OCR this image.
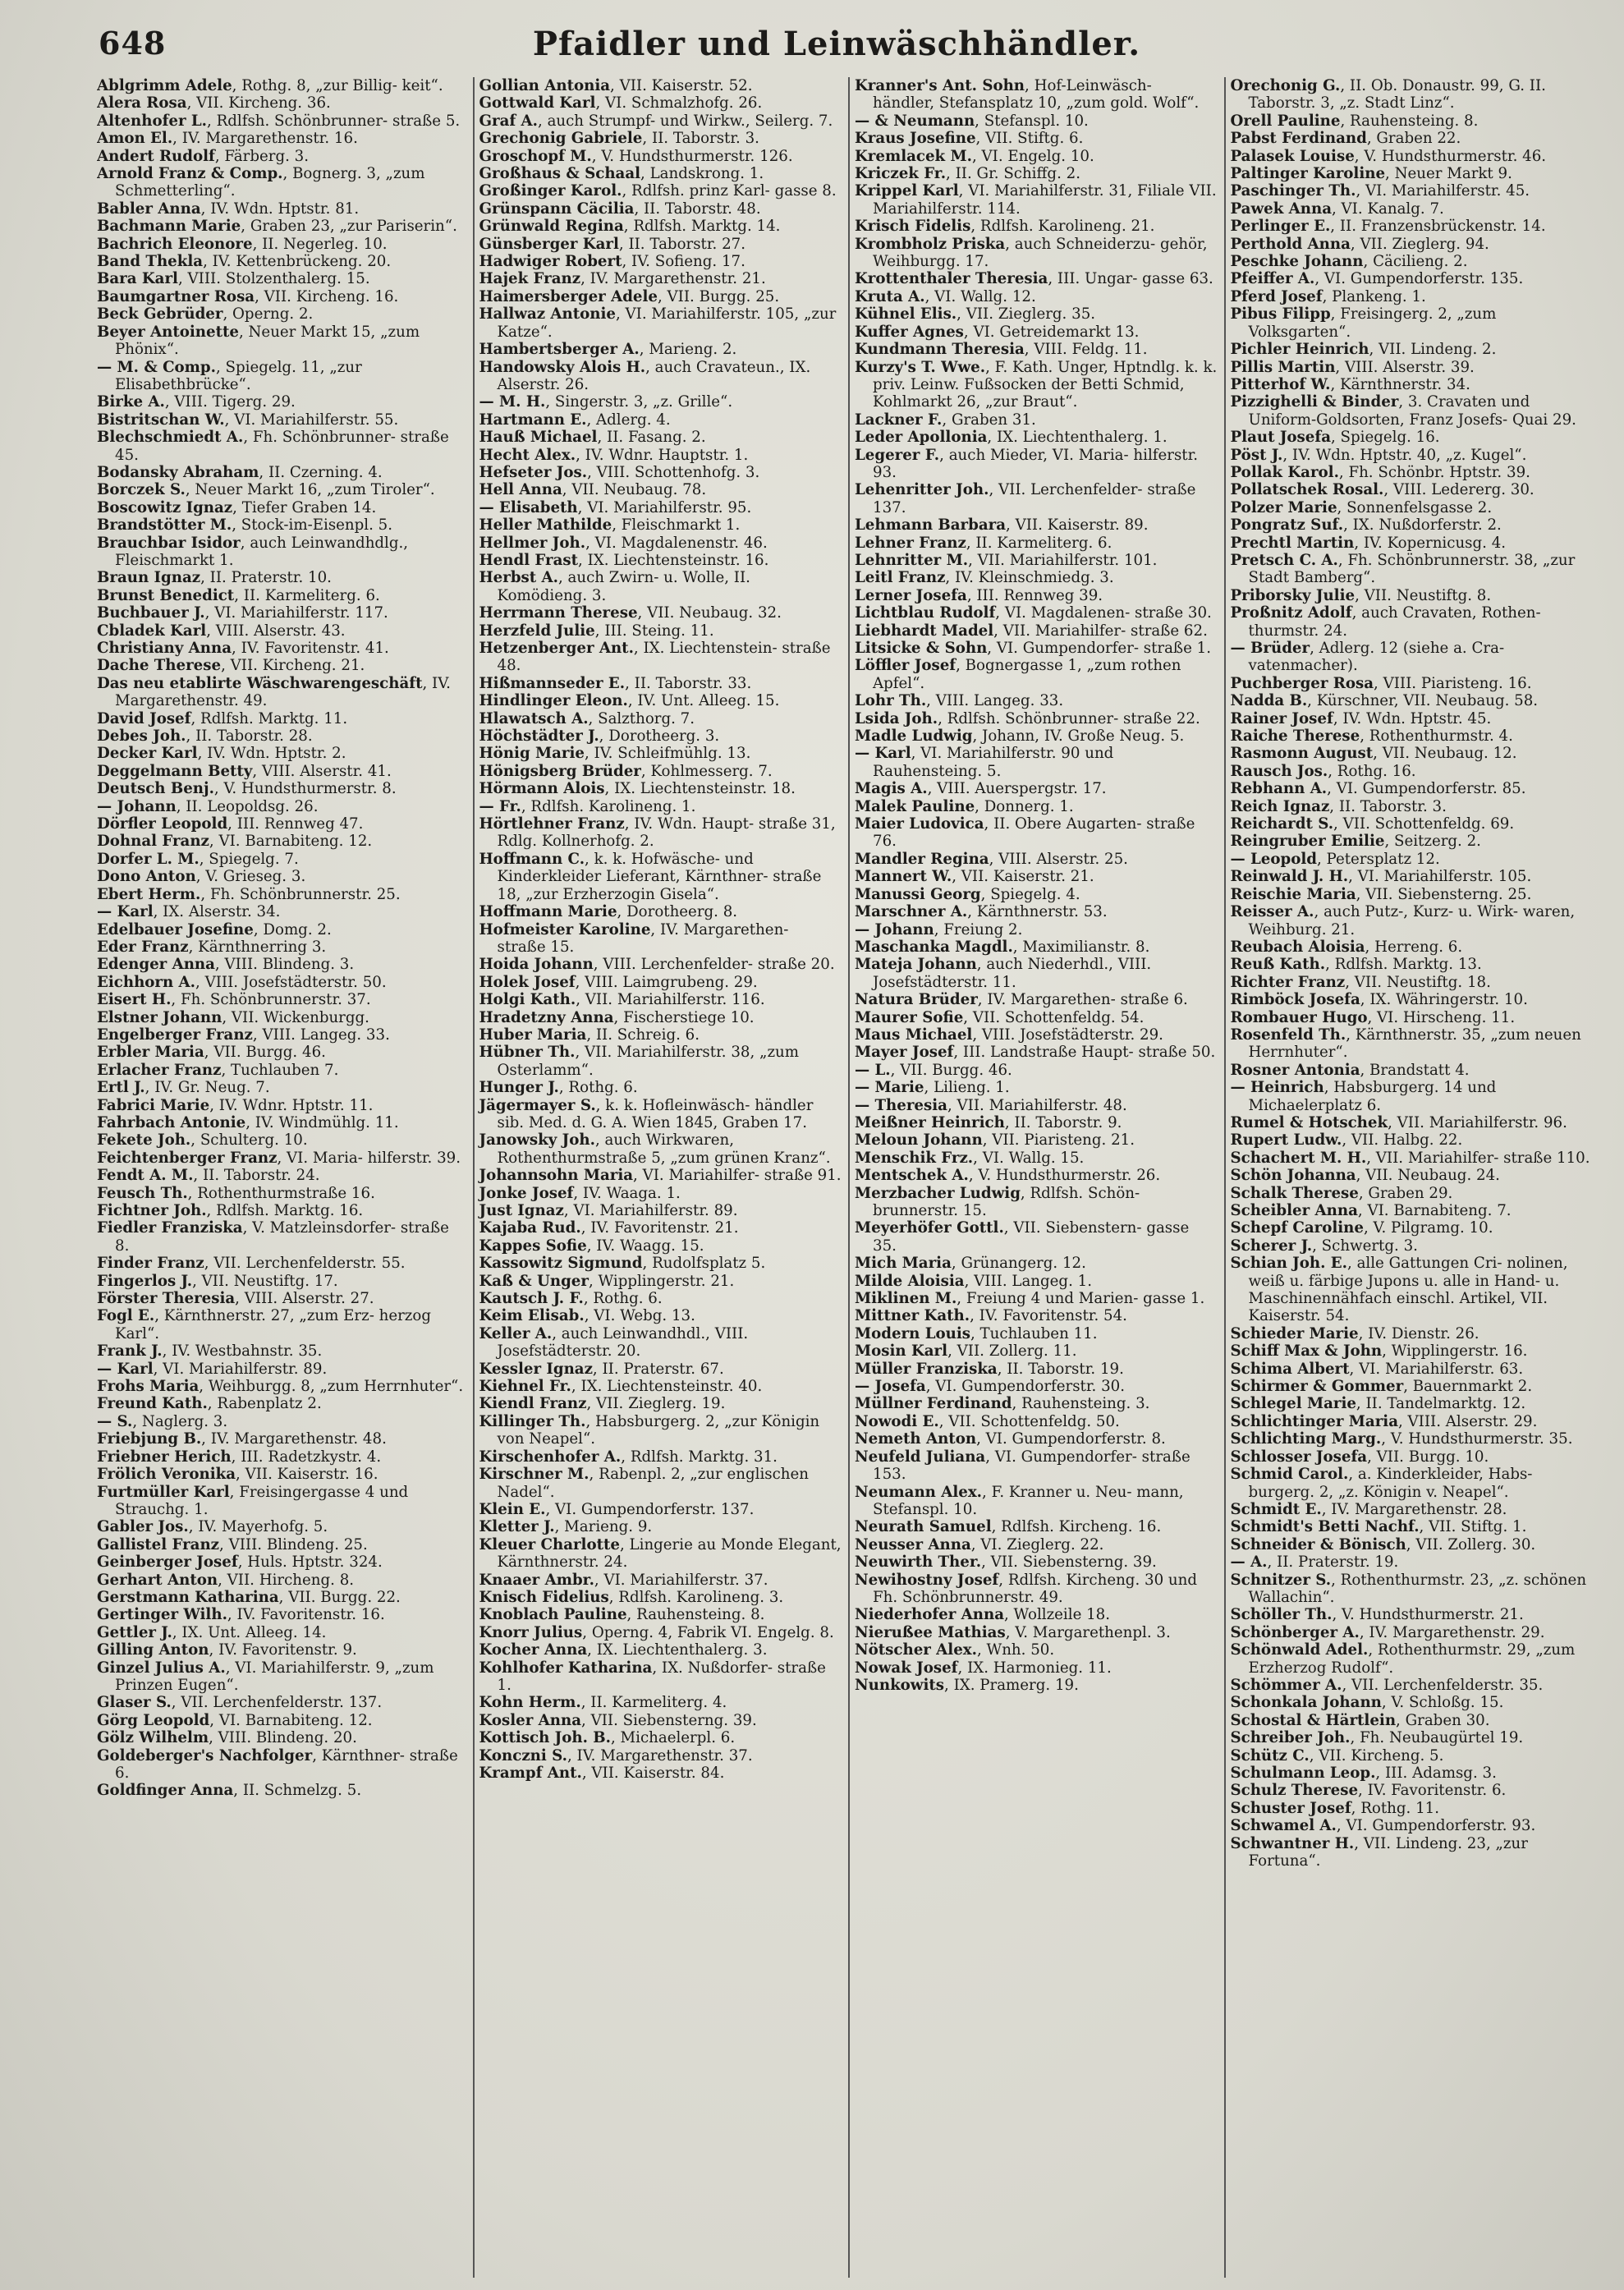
648	Pfaidler und Leinwäschhändler.

Ablgrimm Adele, Rothg. 8, „zur Billig- keit“.

Alera Rosa, VII. Kircheng. 36.

Altenhofer L., Rdlfsh. Schönbrunner- straße 5.

Amon El., IV. Margarethenstr. 16.

Andert Rudolf, Färberg. 3.

Arnold Franz & Comp., Bognerg. 3, „zum Schmetterling“.

Babler Anna, IV. Wdn. Hptstr. 81.

Bachmann Marie, Graben 23, „zur Pariserin“.

Bachrich Eleonore, II. Negerleg. 10.

Band Thekla, IV. Kettenbrückeng. 20.

Bara Karl, VIII. Stolzenthalerg. 15.

Baumgartner Rosa, VII. Kircheng. 16.

Beck Gebrüder, Operng. 2.

Beyer Antoinette, Neuer Markt 15, „zum Phönix“.

— M. & Comp., Spiegelg. 11, „zur Elisabethbrücke“.

Birke A., VIII. Tigerg. 29.

Bistritschan W., VI. Mariahilferstr. 55.

Blechschmiedt A., Fh. Schönbrunner- straße 45.

Bodansky Abraham, II. Czerning. 4.

Borczek S., Neuer Markt 16, „zum Tiroler“.

Boscowitz Ignaz, Tiefer Graben 14.

Brandstötter M., Stock-im-Eisenpl. 5.

Brauchbar Isidor, auch Leinwandhdlg., Fleischmarkt 1.

Braun Ignaz, II. Praterstr. 10.

Brunst Benedict, II. Karmeliterg. 6.

Buchbauer J., VI. Mariahilferstr. 117.

Cbladek Karl, VIII. Alserstr. 43.

Christiany Anna, IV. Favoritenstr. 41.

Dache Therese, VII. Kircheng. 21.

Das neu etablirte Wäschwarengeschäft, IV. Margarethenstr. 49.

David Josef, Rdlfsh. Marktg. 11.

Debes Joh., II. Taborstr. 28.

Decker Karl, IV. Wdn. Hptstr. 2.

Deggelmann Betty, VIII. Alserstr. 41.

Deutsch Benj., V. Hundsthurmerstr. 8.

— Johann, II. Leopoldsg. 26.

Dörfler Leopold, III. Rennweg 47.

Dohnal Franz, VI. Barnabiteng. 12.

Dorfer L. M., Spiegelg. 7.

Dono Anton, V. Grieseg. 3.

Ebert Herm., Fh. Schönbrunnerstr. 25.

— Karl, IX. Alserstr. 34.

Edelbauer Josefine, Domg. 2.

Eder Franz, Kärnthnerring 3.

Edenger Anna, VIII. Blindeng. 3.

Eichhorn A., VIII. Josefstädterstr. 50.

Eisert H., Fh. Schönbrunnerstr. 37.

Elstner Johann, VII. Wickenburgg.

Engelberger Franz, VIII. Langeg. 33.

Erbler Maria, VII. Burgg. 46.

Erlacher Franz, Tuchlauben 7.

Ertl J., IV. Gr. Neug. 7.

Fabrici Marie, IV. Wdnr. Hptstr. 11.

Fahrbach Antonie, IV. Windmühlg. 11.

Fekete Joh., Schulterg. 10.

Feichtenberger Franz, VI. Maria- hilferstr. 39.

Fendt A. M., II. Taborstr. 24.

Feusch Th., Rothenthurmstraße 16.

Fichtner Joh., Rdlfsh. Marktg. 16.

Fiedler Franziska, V. Matzleinsdorfer- straße 8.

Finder Franz, VII. Lerchenfelderstr. 55.

Fingerlos J., VII. Neustiftg. 17.

Förster Theresia, VIII. Alserstr. 27.

Fogl E., Kärnthnerstr. 27, „zum Erz- herzog Karl“.

Frank J., IV. Westbahnstr. 35.

— Karl, VI. Mariahilferstr. 89.

Frohs Maria, Weihburgg. 8, „zum Herrnhuter“.

Freund Kath., Rabenplatz 2.

— S., Naglerg. 3.

Friebjung B., IV. Margarethenstr. 48.

Friebner Herich, III. Radetzkystr. 4.

Frölich Veronika, VII. Kaiserstr. 16.

Furtmüller Karl, Freisingergasse 4 und Strauchg. 1.

Gabler Jos., IV. Mayerhofg. 5.

Gallistel Franz, VIII. Blindeng. 25.

Geinberger Josef, Huls. Hptstr. 324.

Gerhart Anton, VII. Hircheng. 8.

Gerstmann Katharina, VII. Burgg. 22.

Gertinger Wilh., IV. Favoritenstr. 16.

Gettler J., IX. Unt. Alleeg. 14.

Gilling Anton, IV. Favoritenstr. 9.

Ginzel Julius A., VI. Mariahilferstr. 9, „zum Prinzen Eugen“.

Glaser S., VII. Lerchenfelderstr. 137.

Görg Leopold, VI. Barnabiteng. 12.

Gölz Wilhelm, VIII. Blindeng. 20.

Goldeberger's Nachfolger, Kärnthner- straße 6.

Goldfinger Anna, II. Schmelzg. 5.

Gollian Antonia, VII. Kaiserstr. 52.

Gottwald Karl, VI. Schmalzhofg. 26.

Graf A., auch Strumpf- und Wirkw., Seilerg. 7.

Grechonig Gabriele, II. Taborstr. 3.

Groschopf M., V. Hundsthurmerstr. 126.

Großhaus & Schaal, Landskrong. 1.

Großinger Karol., Rdlfsh. prinz Karl- gasse 8.

Grünspann Cäcilia, II. Taborstr. 48.

Grünwald Regina, Rdlfsh. Marktg. 14.

Günsberger Karl, II. Taborstr. 27.

Hadwiger Robert, IV. Sofieng. 17.

Hajek Franz, IV. Margarethenstr. 21.

Haimersberger Adele, VII. Burgg. 25.

Hallwaz Antonie, VI. Mariahilferstr. 105, „zur Katze“.

Hambertsberger A., Marieng. 2.

Handowsky Alois H., auch Cravateun., IX. Alserstr. 26.

— M. H., Singerstr. 3, „z. Grille“.

Hartmann E., Adlerg. 4.

Hauß Michael, II. Fasang. 2.

Hecht Alex., IV. Wdnr. Hauptstr. 1.

Hefseter Jos., VIII. Schottenhofg. 3.

Hell Anna, VII. Neubaug. 78.

— Elisabeth, VI. Mariahilferstr. 95.

Heller Mathilde, Fleischmarkt 1.

Hellmer Joh., VI. Magdalenenstr. 46.

Hendl Frast, IX. Liechtensteinstr. 16.

Herbst A., auch Zwirn- u. Wolle, II. Komödieng. 3.

Herrmann Therese, VII. Neubaug. 32.

Herzfeld Julie, III. Steing. 11.

Hetzenberger Ant., IX. Liechtenstein- straße 48.

Hißmannseder E., II. Taborstr. 33.

Hindlinger Eleon., IV. Unt. Alleeg. 15.

Hlawatsch A., Salzthorg. 7.

Höchstädter J., Dorotheerg. 3.

Hönig Marie, IV. Schleifmühlg. 13.

Hönigsberg Brüder, Kohlmesserg. 7.

Hörmann Alois, IX. Liechtensteinstr. 18.

— Fr., Rdlfsh. Karolineng. 1.

Hörtlehner Franz, IV. Wdn. Haupt- straße 31, Rdlg. Kollnerhofg. 2.

Hoffmann C., k. k. Hofwäsche- und Kinderkleider Lieferant, Kärnthner- straße 18, „zur Erzherzogin Gisela“.

Hoffmann Marie, Dorotheerg. 8.

Hofmeister Karoline, IV. Margarethen- straße 15.

Hoida Johann, VIII. Lerchenfelder- straße 20.

Holek Josef, VIII. Laimgrubeng. 29.

Holgi Kath., VII. Mariahilferstr. 116.

Hradetzny Anna, Fischerstiege 10.

Huber Maria, II. Schreig. 6.

Hübner Th., VII. Mariahilferstr. 38, „zum Osterlamm“.

Hunger J., Rothg. 6.

Jägermayer S., k. k. Hofleinwäsch- händler sib. Med. d. G. A. Wien 1845, Graben 17.

Janowsky Joh., auch Wirkwaren, Rothenthurmstraße 5, „zum grünen Kranz“.

Johannsohn Maria, VI. Mariahilfer- straße 91.

Jonke Josef, IV. Waaga. 1.

Just Ignaz, VI. Mariahilferstr. 89.

Kajaba Rud., IV. Favoritenstr. 21.

Kappes Sofie, IV. Waagg. 15.

Kassowitz Sigmund, Rudolfsplatz 5.

Kaß & Unger, Wipplingerstr. 21.

Kautsch J. F., Rothg. 6.

Keim Elisab., VI. Webg. 13.

Keller A., auch Leinwandhdl., VIII. Josefstädterstr. 20.

Kessler Ignaz, II. Praterstr. 67.

Kiehnel Fr., IX. Liechtensteinstr. 40.

Kiendl Franz, VII. Zieglerg. 19.

Killinger Th., Habsburgerg. 2, „zur Königin von Neapel“.

Kirschenhofer A., Rdlfsh. Marktg. 31.

Kirschner M., Rabenpl. 2, „zur englischen Nadel“.

Klein E., VI. Gumpendorferstr. 137.

Kletter J., Marieng. 9.

Kleuer Charlotte, Lingerie au Monde Elegant, Kärnthnerstr. 24.

Knaaer Ambr., VI. Mariahilferstr. 37.

Knisch Fidelius, Rdlfsh. Karolineng. 3.

Knoblach Pauline, Rauhensteing. 8.

Knorr Julius, Operng. 4, Fabrik VI. Engelg. 8.

Kocher Anna, IX. Liechtenthalerg. 3.

Kohlhofer Katharina, IX. Nußdorfer- straße 1.

Kohn Herm., II. Karmeliterg. 4.

Kosler Anna, VII. Siebensterng. 39.

Kottisch Joh. B., Michaelerpl. 6.

Konczni S., IV. Margarethenstr. 37.

Krampf Ant., VII. Kaiserstr. 84.

Kranner's Ant. Sohn, Hof-Leinwäsch- händler, Stefansplatz 10, „zum gold. Wolf“.

— & Neumann, Stefanspl. 10.

Kraus Josefine, VII. Stiftg. 6.

Kremlacek M., VI. Engelg. 10.

Kriczek Fr., II. Gr. Schiffg. 2.

Krippel Karl, VI. Mariahilferstr. 31, Filiale VII. Mariahilferstr. 114.

Krisch Fidelis, Rdlfsh. Karolineng. 21.

Krombholz Priska, auch Schneiderzu- gehör, Weihburgg. 17.

Krottenthaler Theresia, III. Ungar- gasse 63.

Kruta A., VI. Wallg. 12.

Kühnel Elis., VII. Zieglerg. 35.

Kuffer Agnes, VI. Getreidemarkt 13.

Kundmann Theresia, VIII. Feldg. 11.

Kurzy's T. Wwe., F. Kath. Unger, Hptndlg. k. k. priv. Leinw. Fußsocken der Betti Schmid, Kohlmarkt 26, „zur Braut“.

Lackner F., Graben 31.

Leder Apollonia, IX. Liechtenthalerg. 1.

Legerer F., auch Mieder, VI. Maria- hilferstr. 93.

Lehenritter Joh., VII. Lerchenfelder- straße 137.

Lehmann Barbara, VII. Kaiserstr. 89.

Lehner Franz, II. Karmeliterg. 6.

Lehnritter M., VII. Mariahilferstr. 101.

Leitl Franz, IV. Kleinschmiedg. 3.

Lerner Josefa, III. Rennweg 39.

Lichtblau Rudolf, VI. Magdalenen- straße 30.

Liebhardt Madel, VII. Mariahilfer- straße 62.

Litsicke & Sohn, VI. Gumpendorfer- straße 1.

Löffler Josef, Bognergasse 1, „zum rothen Apfel“.

Lohr Th., VIII. Langeg. 33.

Lsida Joh., Rdlfsh. Schönbrunner- straße 22.

Madle Ludwig, Johann, IV. Große Neug. 5.

— Karl, VI. Mariahilferstr. 90 und Rauhensteing. 5.

Magis A., VIII. Auerspergstr. 17.

Malek Pauline, Donnerg. 1.

Maier Ludovica, II. Obere Augarten- straße 76.

Mandler Regina, VIII. Alserstr. 25.

Mannert W., VII. Kaiserstr. 21.

Manussi Georg, Spiegelg. 4.

Marschner A., Kärnthnerstr. 53.

— Johann, Freiung 2.

Maschanka Magdl., Maximilianstr. 8.

Mateja Johann, auch Niederhdl., VIII. Josefstädterstr. 11.

Natura Brüder, IV. Margarethen- straße 6.

Maurer Sofie, VII. Schottenfeldg. 54.

Maus Michael, VIII. Josefstädterstr. 29.

Mayer Josef, III. Landstraße Haupt- straße 50.

— L., VII. Burgg. 46.

— Marie, Lilieng. 1.

— Theresia, VII. Mariahilferstr. 48.

Meißner Heinrich, II. Taborstr. 9.

Meloun Johann, VII. Piaristeng. 21.

Menschik Frz., VI. Wallg. 15.

Mentschek A., V. Hundsthurmerstr. 26.

Merzbacher Ludwig, Rdlfsh. Schön- brunnerstr. 15.

Meyerhöfer Gottl., VII. Siebenstern- gasse 35.

Mich Maria, Grünangerg. 12.

Milde Aloisia, VIII. Langeg. 1.

Miklinen M., Freiung 4 und Marien- gasse 1.

Mittner Kath., IV. Favoritenstr. 54.

Modern Louis, Tuchlauben 11.

Mosin Karl, VII. Zollerg. 11.

Müller Franziska, II. Taborstr. 19.

— Josefa, VI. Gumpendorferstr. 30.

Müllner Ferdinand, Rauhensteing. 3.

Nowodi E., VII. Schottenfeldg. 50.

Nemeth Anton, VI. Gumpendorferstr. 8.

Neufeld Juliana, VI. Gumpendorfer- straße 153.

Neumann Alex., F. Kranner u. Neu- mann, Stefanspl. 10.

Neurath Samuel, Rdlfsh. Kircheng. 16.

Neusser Anna, VI. Zieglerg. 22.

Neuwirth Ther., VII. Siebensterng. 39.

Newihostny Josef, Rdlfsh. Kircheng. 30 und Fh. Schönbrunnerstr. 49.

Niederhofer Anna, Wollzeile 18.

Nierußee Mathias, V. Margarethenpl. 3.

Nötscher Alex., Wnh. 50.

Nowak Josef, IX. Harmonieg. 11.

Nunkowits, IX. Pramerg. 19.

Orechonig G., II. Ob. Donaustr. 99, G. II. Taborstr. 3, „z. Stadt Linz“.

Orell Pauline, Rauhensteing. 8.

Pabst Ferdinand, Graben 22.

Palasek Louise, V. Hundsthurmerstr. 46.

Paltinger Karoline, Neuer Markt 9.

Paschinger Th., VI. Mariahilferstr. 45.

Pawek Anna, VI. Kanalg. 7.

Perlinger E., II. Franzensbrückenstr. 14.

Perthold Anna, VII. Zieglerg. 94.

Peschke Johann, Cäcilieng. 2.

Pfeiffer A., VI. Gumpendorferstr. 135.

Pferd Josef, Plankeng. 1.

Pibus Filipp, Freisingerg. 2, „zum Volksgarten“.

Pichler Heinrich, VII. Lindeng. 2.

Pillis Martin, VIII. Alserstr. 39.

Pitterhof W., Kärnthnerstr. 34.

Pizzighelli & Binder, 3. Cravaten und Uniform-Goldsorten, Franz Josefs- Quai 29.

Plaut Josefa, Spiegelg. 16.

Pöst J., IV. Wdn. Hptstr. 40, „z. Kugel“.

Pollak Karol., Fh. Schönbr. Hptstr. 39.

Pollatschek Rosal., VIII. Ledererg. 30.

Polzer Marie, Sonnenfelsgasse 2.

Pongratz Suf., IX. Nußdorferstr. 2.

Prechtl Martin, IV. Kopernicusg. 4.

Pretsch C. A., Fh. Schönbrunnerstr. 38, „zur Stadt Bamberg“.

Priborsky Julie, VII. Neustiftg. 8.

Proßnitz Adolf, auch Cravaten, Rothen- thurmstr. 24.

— Brüder, Adlerg. 12 (siehe a. Cra- vatenmacher).

Puchberger Rosa, VIII. Piaristeng. 16.

Nadda B., Kürschner, VII. Neubaug. 58.

Rainer Josef, IV. Wdn. Hptstr. 45.

Raiche Therese, Rothenthurmstr. 4.

Rasmonn August, VII. Neubaug. 12.

Rausch Jos., Rothg. 16.

Rebhann A., VI. Gumpendorferstr. 85.

Reich Ignaz, II. Taborstr. 3.

Reichardt S., VII. Schottenfeldg. 69.

Reingruber Emilie, Seitzerg. 2.

— Leopold, Petersplatz 12.

Reinwald J. H., VI. Mariahilferstr. 105.

Reischie Maria, VII. Siebensterng. 25.

Reisser A., auch Putz-, Kurz- u. Wirk- waren, Weihburg. 21.

Reubach Aloisia, Herreng. 6.

Reuß Kath., Rdlfsh. Marktg. 13.

Richter Franz, VII. Neustiftg. 18.

Rimböck Josefa, IX. Währingerstr. 10.

Rombauer Hugo, VI. Hirscheng. 11.

Rosenfeld Th., Kärnthnerstr. 35, „zum neuen Herrnhuter“.

Rosner Antonia, Brandstatt 4.

— Heinrich, Habsburgerg. 14 und Michaelerplatz 6.

Rumel & Hotschek, VII. Mariahilferstr. 96.

Rupert Ludw., VII. Halbg. 22.

Schachert M. H., VII. Mariahilfer- straße 110.

Schön Johanna, VII. Neubaug. 24.

Schalk Therese, Graben 29.

Scheibler Anna, VI. Barnabiteng. 7.

Schepf Caroline, V. Pilgramg. 10.

Scherer J., Schwertg. 3.

Schian Joh. E., alle Gattungen Cri- nolinen, weiß u. färbige Jupons u. alle in Hand- u. Maschinennähfach einschl. Artikel, VII. Kaiserstr. 54.

Schieder Marie, IV. Dienstr. 26.

Schiff Max & John, Wipplingerstr. 16.

Schima Albert, VI. Mariahilferstr. 63.

Schirmer & Gommer, Bauernmarkt 2.

Schlegel Marie, II. Tandelmarktg. 12.

Schlichtinger Maria, VIII. Alserstr. 29.

Schlichting Marg., V. Hundsthurmerstr. 35.

Schlosser Josefa, VII. Burgg. 10.

Schmid Carol., a. Kinderkleider, Habs- burgerg. 2, „z. Königin v. Neapel“.

Schmidt E., IV. Margarethenstr. 28.

Schmidt's Betti Nachf., VII. Stiftg. 1.

Schneider & Bönisch, VII. Zollerg. 30.

— A., II. Praterstr. 19.

Schnitzer S., Rothenthurmstr. 23, „z. schönen Wallachin“.

Schöller Th., V. Hundsthurmerstr. 21.

Schönberger A., IV. Margarethenstr. 29.

Schönwald Adel., Rothenthurmstr. 29, „zum Erzherzog Rudolf“.

Schömmer A., VII. Lerchenfelderstr. 35.

Schonkala Johann, V. Schloßg. 15.

Schostal & Härtlein, Graben 30.

Schreiber Joh., Fh. Neubaugürtel 19.

Schütz C., VII. Kircheng. 5.

Schulmann Leop., III. Adamsg. 3.

Schulz Therese, IV. Favoritenstr. 6.

Schuster Josef, Rothg. 11.

Schwamel A., VI. Gumpendorferstr. 93.

Schwantner H., VII. Lindeng. 23, „zur Fortuna“.
